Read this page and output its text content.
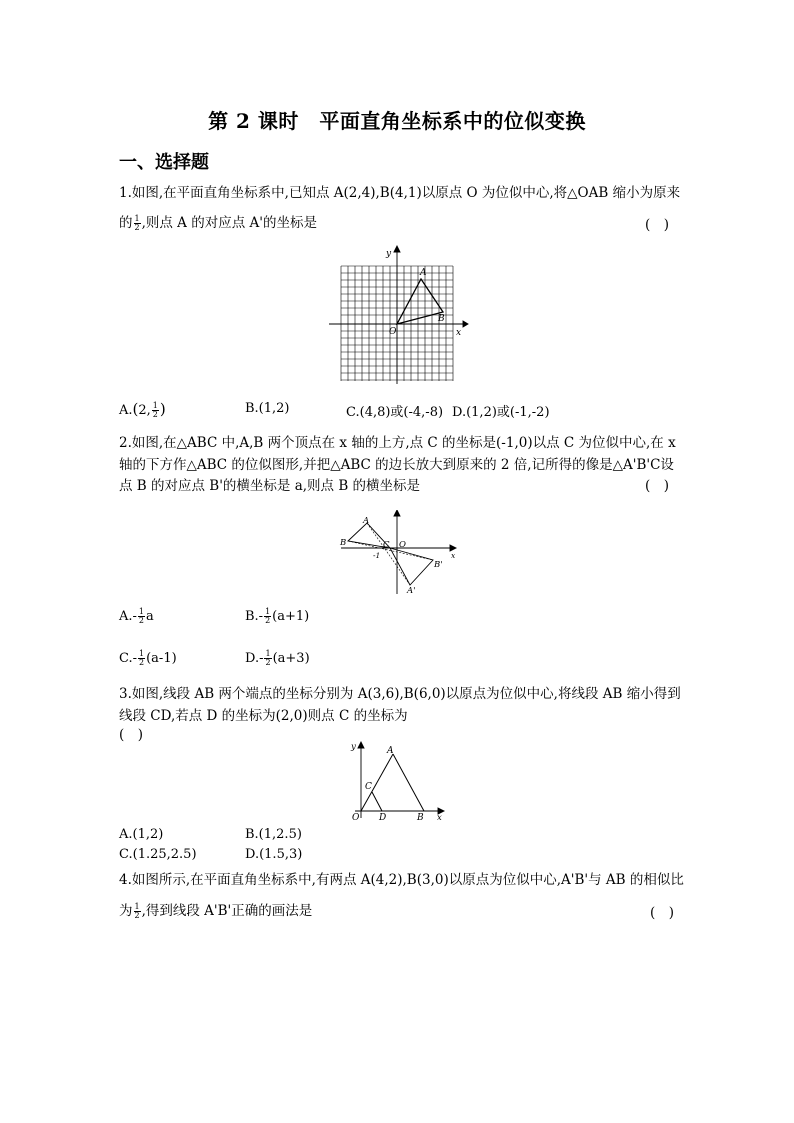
第 2 课时　平面直角坐标系中的位似变换
一、选择题
1.如图,在平面直角坐标系中,已知点 A(2,4),B(4,1)以原点 O 为位似中心,将△OAB 缩小为原来
的 $\frac{1}{2}$ ,则点 A 的对应点 A'的坐标是	(　)
y
x
A
B
O
A.(2, $\frac{1}{2}$ )	B.(1,2)	C.(4,8)或(-4,-8) D.(1,2)或(-1,-2)
2.如图,在△ABC 中,A,B 两个顶点在 x 轴的上方,点 C 的坐标是(-1,0)以点 C 为位似中心,在 x
轴的下方作△ABC 的位似图形,并把△ABC 的边长放大到原来的 2 倍,记所得的像是△A'B'C设
点 B 的对应点 B'的横坐标是 a,则点 B 的横坐标是	(　)
A
B	C O
-1
B'
A'
x
$A.- \frac{1}{2}$ a	$B.- \frac{1}{2} (a+1)$
$C.- \frac{1}{2} (a-1)$	$D.- \frac{1}{2} (a+3)$
3.如图,线段 AB 两个端点的坐标分别为 A(3,6),B(6,0)以原点为位似中心,将线段 AB 缩小得到
线段 CD,若点 D 的坐标为(2,0)则点 C 的坐标为
(　)
y
x
A
B
C
D
O
A.(1,2)	B.(1,2.5)
C.(1.25,2.5)	D.(1.5,3)
4.如图所示,在平面直角坐标系中,有两点 A(4,2),B(3,0)以原点为位似中心,A'B'与 AB 的相似比
为 $\frac{1}{2}$ ,得到线段 A'B'正确的画法是	(　)
